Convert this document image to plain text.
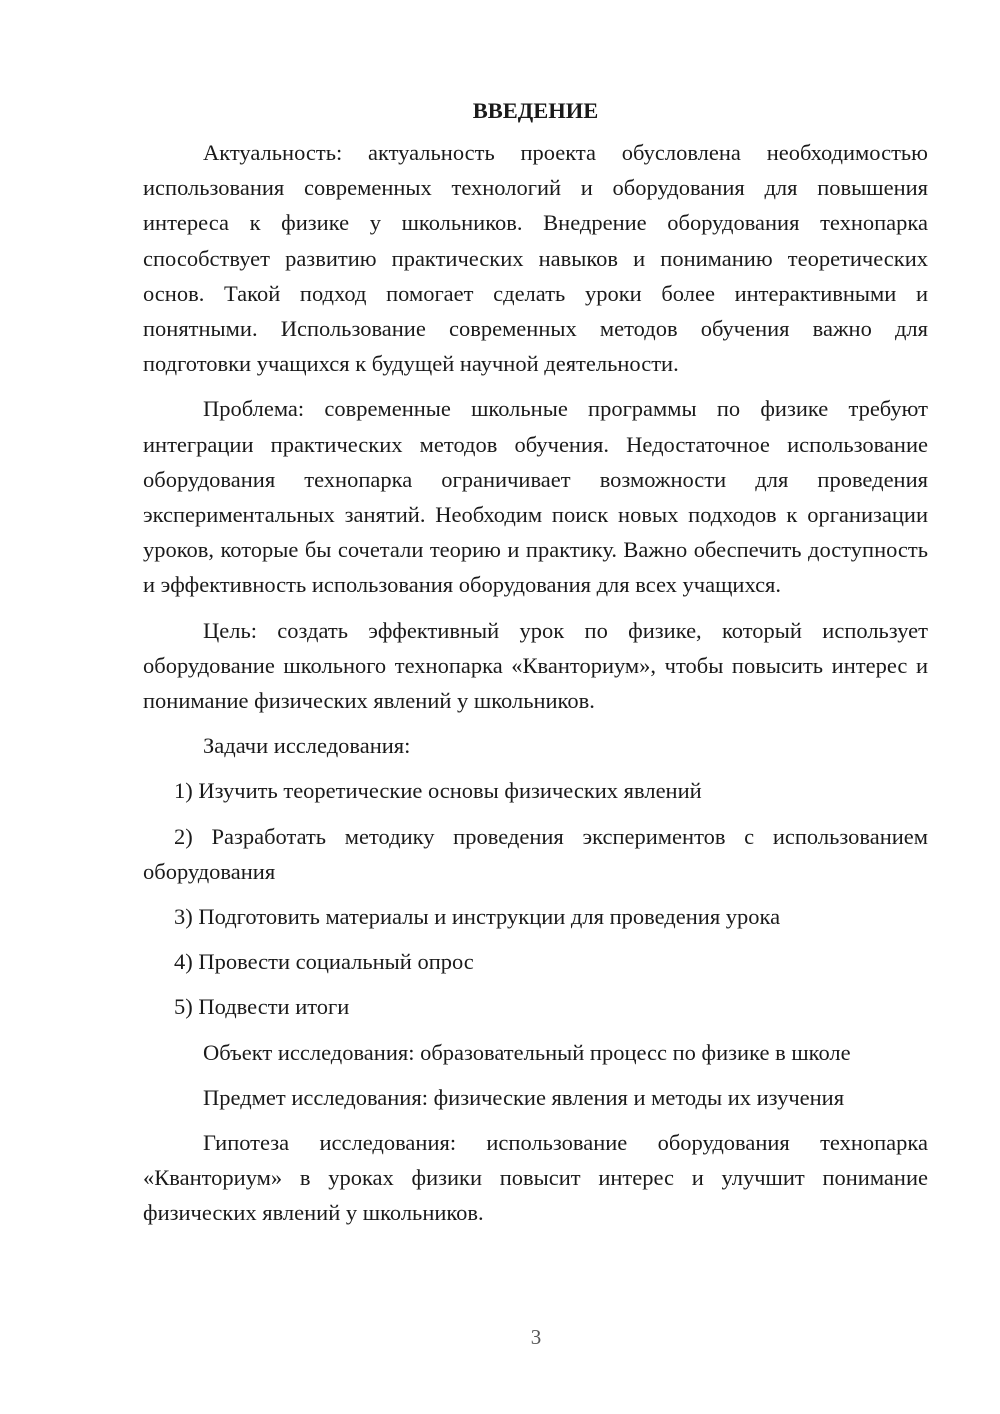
ВВЕДЕНИЕ

Актуальность: актуальность проекта обусловлена необходимостью использования современных технологий и оборудования для повышения интереса к физике у школьников. Внедрение оборудования технопарка способствует развитию практических навыков и пониманию теоретических основ. Такой подход помогает сделать уроки более интерактивными и понятными. Использование современных методов обучения важно для подготовки учащихся к будущей научной деятельности.

Проблема: современные школьные программы по физике требуют интеграции практических методов обучения. Недостаточное использование оборудования технопарка ограничивает возможности для проведения экспериментальных занятий. Необходим поиск новых подходов к организации уроков, которые бы сочетали теорию и практику. Важно обеспечить доступность и эффективность использования оборудования для всех учащихся.

Цель: создать эффективный урок по физике, который использует оборудование школьного технопарка «Кванториум», чтобы повысить интерес и понимание физических явлений у школьников.

Задачи исследования:

1) Изучить теоретические основы физических явлений

2) Разработать методику проведения экспериментов с использованием оборудования

3) Подготовить материалы и инструкции для проведения урока

4) Провести социальный опрос

5) Подвести итоги

Объект исследования: образовательный процесс по физике в школе

Предмет исследования: физические явления и методы их изучения

Гипотеза исследования: использование оборудования технопарка «Кванториум» в уроках физики повысит интерес и улучшит понимание физических явлений у школьников.

3
